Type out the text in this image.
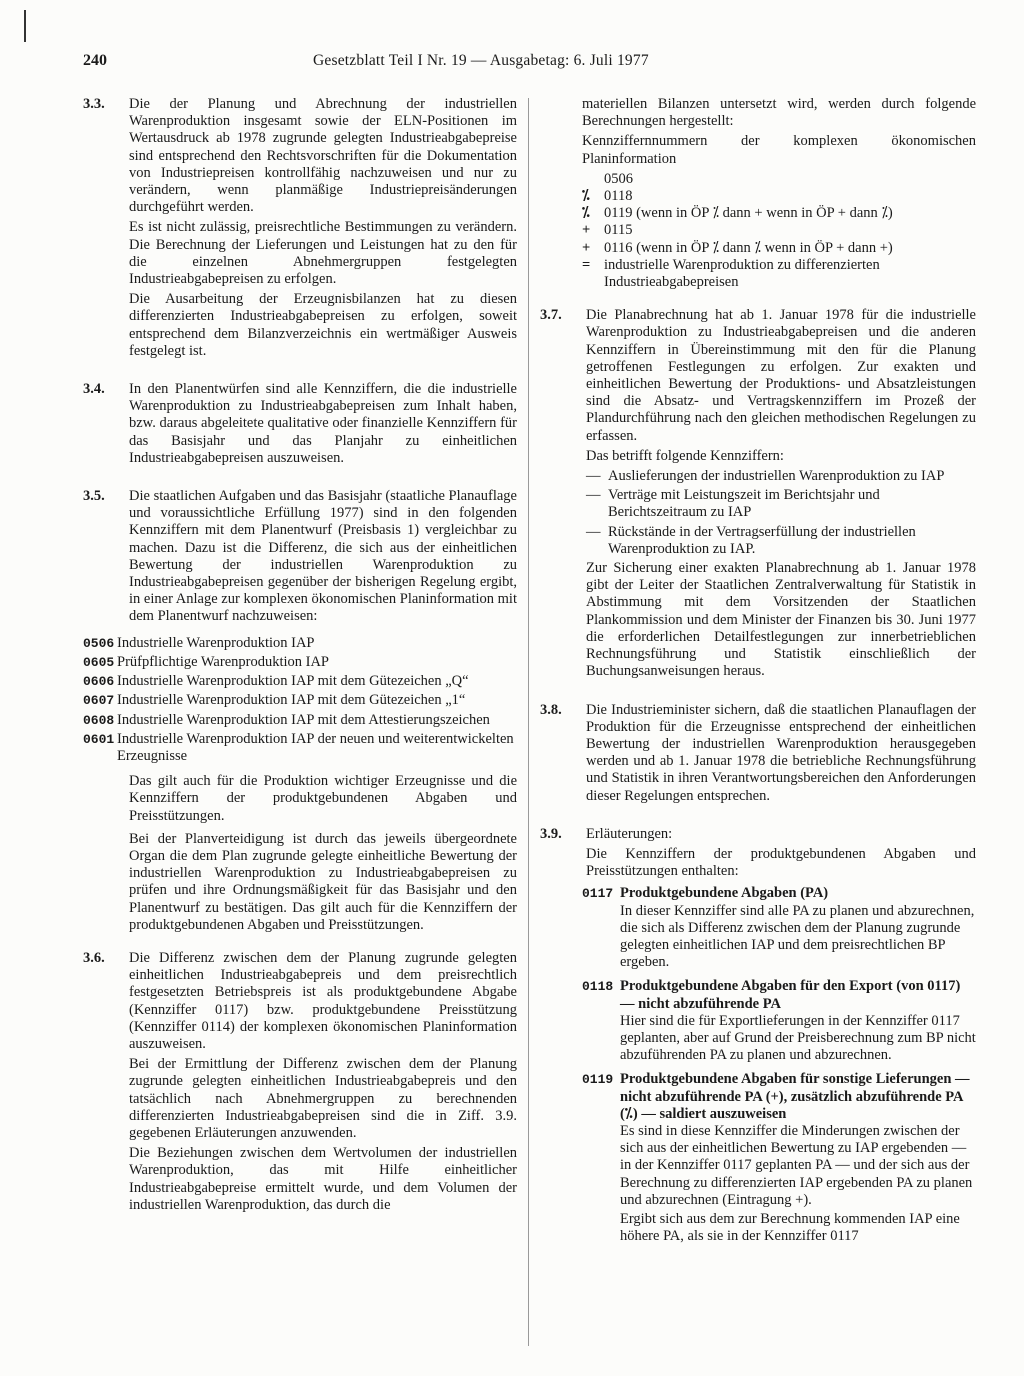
240	Gesetzblatt Teil I Nr. 19 — Ausgabetag: 6. Juli 1977
3.3.	Die der Planung und Abrechnung der industriellen Warenproduktion insgesamt sowie der ELN-Positionen im Wertausdruck ab 1978 zugrunde gelegten Industrieabgabepreise sind entsprechend den Rechtsvorschriften für die Dokumentation von Industriepreisen kontrollfähig nachzuweisen und nur zu verändern, wenn planmäßige Industriepreisänderungen durchgeführt werden.

Es ist nicht zulässig, preisrechtliche Bestimmungen zu verändern. Die Berechnung der Lieferungen und Leistungen hat zu den für die einzelnen Abnehmergruppen festgelegten Industrieabgabepreisen zu erfolgen.

Die Ausarbeitung der Erzeugnisbilanzen hat zu diesen differenzierten Industrieabgabepreisen zu erfolgen, soweit entsprechend dem Bilanzverzeichnis ein wertmäßiger Ausweis festgelegt ist.

3.4.	In den Planentwürfen sind alle Kennziffern, die die industrielle Warenproduktion zu Industrieabgabepreisen zum Inhalt haben, bzw. daraus abgeleitete qualitative oder finanzielle Kennziffern für das Basisjahr und das Planjahr zu einheitlichen Industrieabgabepreisen auszuweisen.

3.5.	Die staatlichen Aufgaben und das Basisjahr (staatliche Planauflage und voraussichtliche Erfüllung 1977) sind in den folgenden Kennziffern mit dem Planentwurf (Preisbasis 1) vergleichbar zu machen. Dazu ist die Differenz, die sich aus der einheitlichen Bewertung der industriellen Warenproduktion zu Industrieabgabepreisen gegenüber der bisherigen Regelung ergibt, in einer Anlage zur komplexen ökonomischen Planinformation mit dem Planentwurf nachzuweisen:

0506 Industrielle Warenproduktion IAP
0605 Prüfpflichtige Warenproduktion IAP
0606 Industrielle Warenproduktion IAP mit dem Gütezeichen „Q“
0607 Industrielle Warenproduktion IAP mit dem Gütezeichen „1“
0608 Industrielle Warenproduktion IAP mit dem Attestierungszeichen
0601 Industrielle Warenproduktion IAP der neuen und weiterentwickelten Erzeugnisse

Das gilt auch für die Produktion wichtiger Erzeugnisse und die Kennziffern der produktgebundenen Abgaben und Preisstützungen.

Bei der Planverteidigung ist durch das jeweils übergeordnete Organ die dem Plan zugrunde gelegte einheitliche Bewertung der industriellen Warenproduktion zu Industrieabgabepreisen zu prüfen und ihre Ordnungsmäßigkeit für das Basisjahr und den Planentwurf zu bestätigen. Das gilt auch für die Kennziffern der produktgebundenen Abgaben und Preisstützungen.

3.6.	Die Differenz zwischen dem der Planung zugrunde gelegten einheitlichen Industrieabgabepreis und dem preisrechtlich festgesetzten Betriebspreis ist als produktgebundene Abgabe (Kennziffer 0117) bzw. produktgebundene Preisstützung (Kennziffer 0114) der komplexen ökonomischen Planinformation auszuweisen.

Bei der Ermittlung der Differenz zwischen dem der Planung zugrunde gelegten einheitlichen Industrieabgabepreis und den tatsächlich nach Abnehmergruppen zu berechnenden differenzierten Industrieabgabepreisen sind die in Ziff. 3.9. gegebenen Erläuterungen anzuwenden.

Die Beziehungen zwischen dem Wertvolumen der industriellen Warenproduktion, das mit Hilfe einheitlicher Industrieabgabepreise ermittelt wurde, und dem Volumen der industriellen Warenproduktion, das durch die

materiellen Bilanzen untersetzt wird, werden durch folgende Berechnungen hergestellt:

Kennziffernnummern der komplexen ökonomischen Planinformation

0506
⁒ 0118
⁒ 0119 (wenn in ÖP ⁒ dann + wenn in ÖP + dann ⁒)
+ 0115
+ 0116 (wenn in ÖP ⁒ dann ⁒ wenn in ÖP + dann +)
= industrielle Warenproduktion zu differenzierten Industrieabgabepreisen
3.7.	Die Planabrechnung hat ab 1. Januar 1978 für die industrielle Warenproduktion zu Industrieabgabepreisen und die anderen Kennziffern in Übereinstimmung mit den für die Planung getroffenen Festlegungen zu erfolgen. Zur exakten und einheitlichen Bewertung der Produktions- und Absatzleistungen sind die Absatz- und Vertragskennziffern im Prozeß der Plandurchführung nach den gleichen methodischen Regelungen zu erfassen.

Das betrifft folgende Kennziffern:

— Auslieferungen der industriellen Warenproduktion zu IAP
— Verträge mit Leistungszeit im Berichtsjahr und Berichtszeitraum zu IAP
— Rückstände in der Vertragserfüllung der industriellen Warenproduktion zu IAP.

Zur Sicherung einer exakten Planabrechnung ab 1. Januar 1978 gibt der Leiter der Staatlichen Zentralverwaltung für Statistik in Abstimmung mit dem Vorsitzenden der Staatlichen Plankommission und dem Minister der Finanzen bis 30. Juni 1977 die erforderlichen Detailfestlegungen zur innerbetrieblichen Rechnungsführung und Statistik einschließlich der Buchungsanweisungen heraus.

3.8.	Die Industrieminister sichern, daß die staatlichen Planauflagen der Produktion für die Erzeugnisse entsprechend der einheitlichen Bewertung der industriellen Warenproduktion herausgegeben werden und ab 1. Januar 1978 die betriebliche Rechnungsführung und Statistik in ihren Verantwortungsbereichen den Anforderungen dieser Regelungen entsprechen.

3.9.	Erläuterungen:

Die Kennziffern der produktgebundenen Abgaben und Preisstützungen enthalten:

0117 Produktgebundene Abgaben (PA)

In dieser Kennziffer sind alle PA zu planen und abzurechnen, die sich als Differenz zwischen dem der Planung zugrunde gelegten einheitlichen IAP und dem preisrechtlichen BP ergeben.

0118 Produktgebundene Abgaben für den Export (von 0117) — nicht abzuführende PA

Hier sind die für Exportlieferungen in der Kennziffer 0117 geplanten, aber auf Grund der Preisberechnung zum BP nicht abzuführenden PA zu planen und abzurechnen.

0119 Produktgebundene Abgaben für sonstige Lieferungen — nicht abzuführende PA (+), zusätzlich abzuführende PA (⁒) — saldiert auszuweisen

Es sind in diese Kennziffer die Minderungen zwischen der sich aus der einheitlichen Bewertung zu IAP ergebenden — in der Kennziffer 0117 geplanten PA — und der sich aus der Berechnung zu differenzierten IAP ergebenden PA zu planen und abzurechnen (Eintragung +).

Ergibt sich aus dem zur Berechnung kommenden IAP eine höhere PA, als sie in der Kennziffer 0117
